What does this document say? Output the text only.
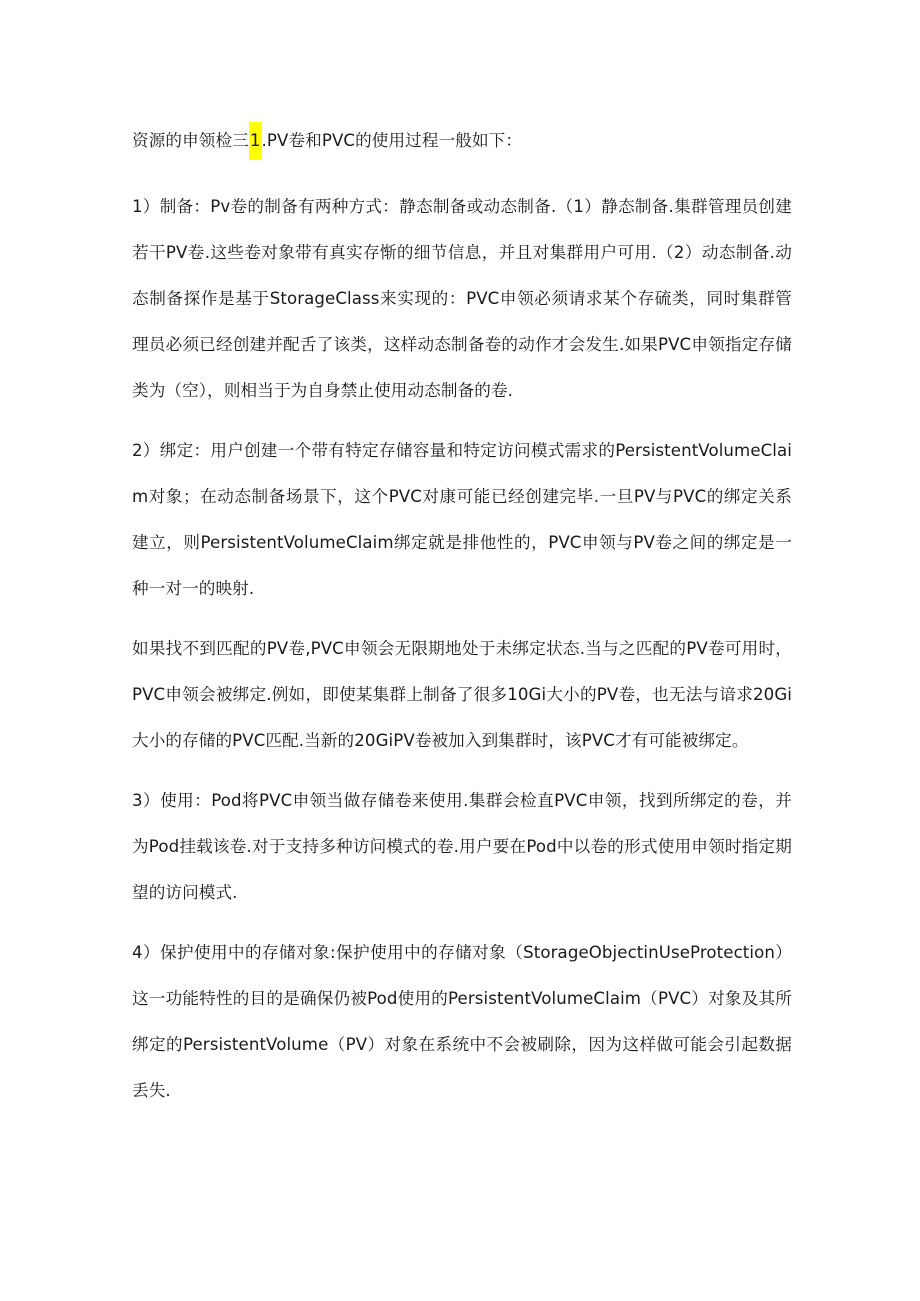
资源的申领检三1.PV卷和PVC的使用过程一般如下：

1）制备：Pv卷的制备有两种方式：静态制备或动态制备.（1）静态制备.集群管理员创建若干PV卷.这些卷对象带有真实存惭的细节信息，并且对集群用户可用.（2）动态制备.动态制备探作是基于StorageClass来实现的：PVC申领必须请求某个存硫类，同时集群管理员必须已经创建并配舌了该类，这样动态制备卷的动作才会发生.如果PVC申领指定存储类为（空），则相当于为自身禁止使用动态制备的卷.

2）绑定：用户创建一个带有特定存储容量和特定访问模式需求的PersistentVolumeClaim对象；在动态制备场景下，这个PVC对康可能已经创建完毕.一旦PV与PVC的绑定关系建立，则PersistentVolumeClaim绑定就是排他性的，PVC申领与PV卷之间的绑定是一种一对一的映射.

如果找不到匹配的PV卷,PVC申领会无限期地处于未绑定状态.当与之匹配的PV卷可用时，PVC申领会被绑定.例如，即使某集群上制备了很多10Gi大小的PV卷，也无法与谙求20Gi大小的存储的PVC匹配.当新的20GiPV卷被加入到集群时，该PVC才有可能被绑定。

3）使用：Pod将PVC申领当做存储卷来使用.集群会检直PVC申领，找到所绑定的卷，并为Pod挂载该卷.对于支持多种访问模式的卷.用户要在Pod中以卷的形式使用申领时指定期望的访问模式.

4）保护使用中的存储对象:保护使用中的存储对象（StorageObjectinUseProtection）这一功能特性的目的是确保仍被Pod使用的PersistentVolumeClaim（PVC）对象及其所绑定的PersistentVolume（PV）对象在系统中不会被刷除，因为这样做可能会引起数据丢失.
